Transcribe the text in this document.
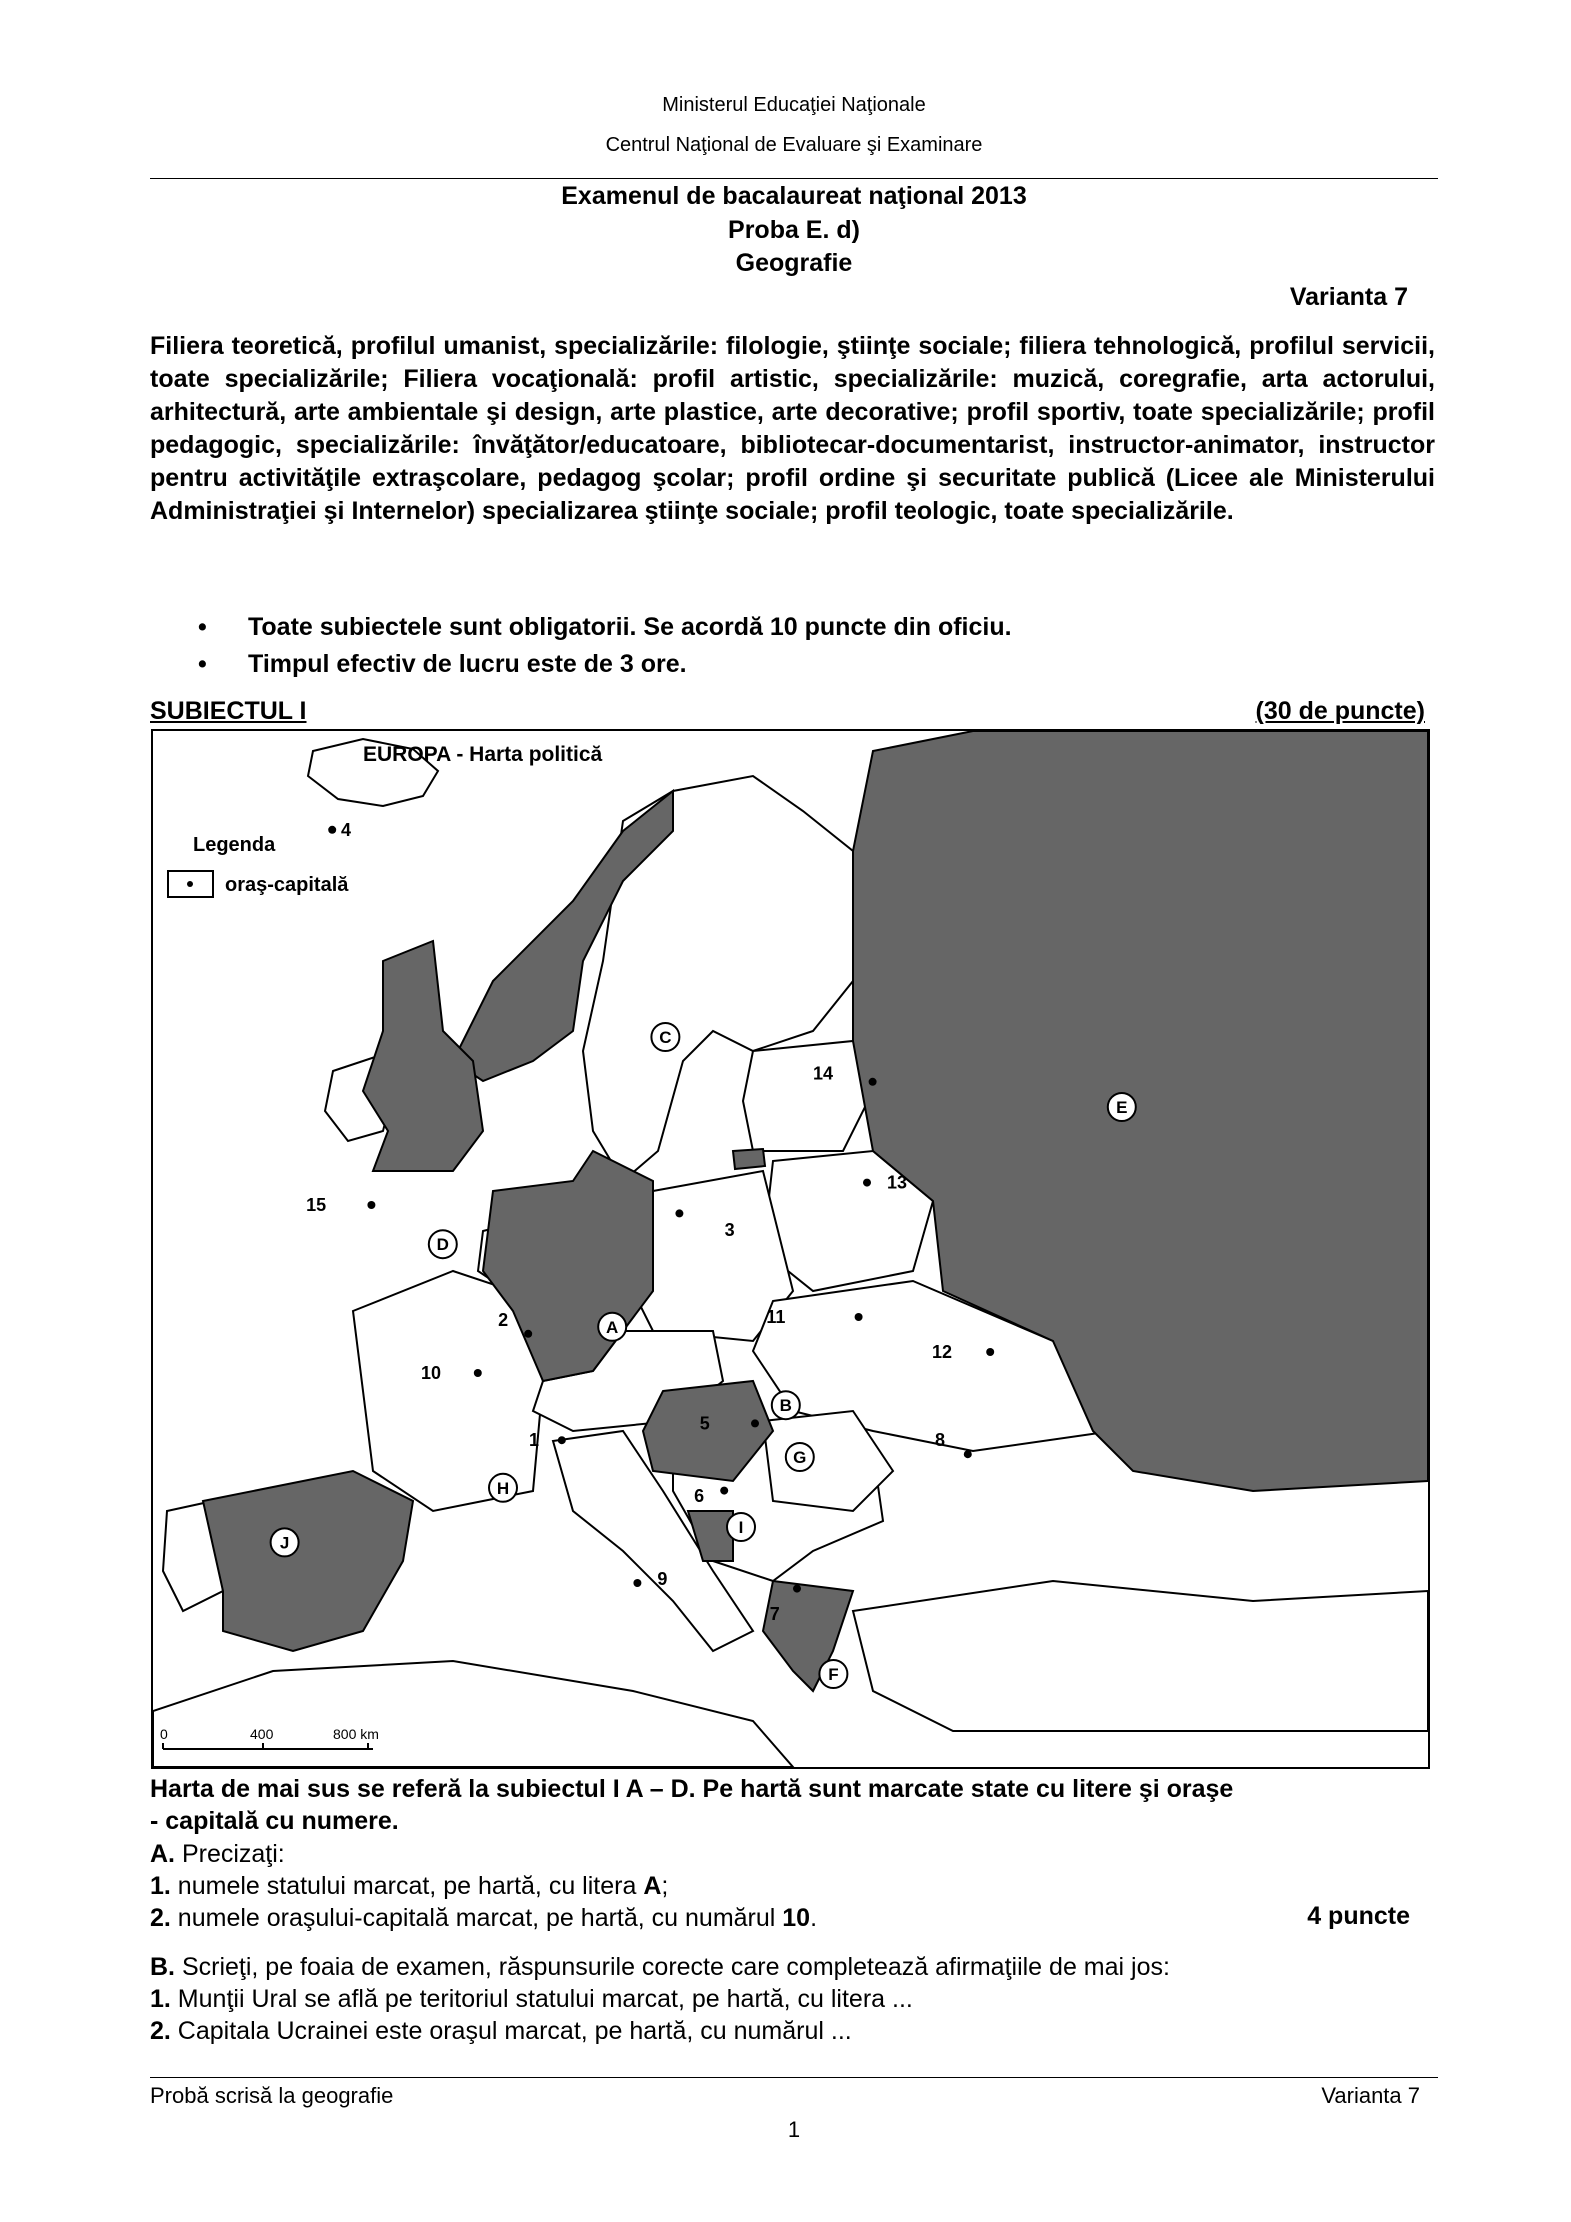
Ministerul Educaţiei Naţionale
Centrul Naţional de Evaluare şi Examinare
Examenul de bacalaureat naţional 2013
Proba E. d)
Geografie
Varianta 7
Filiera teoretică, profilul umanist, specializările: filologie, ştiinţe sociale; filiera tehnologică, profilul servicii, toate specializările; Filiera vocaţională: profil artistic, specializările: muzică, coregrafie, arta actorului, arhitectură, arte ambientale şi design, arte plastice, arte decorative; profil sportiv, toate specializările; profil pedagogic, specializările: învăţător/educatoare, bibliotecar-documentarist, instructor-animator, instructor pentru activităţile extraşcolare, pedagog şcolar; profil ordine şi securitate publică (Licee ale Ministerului Administraţiei şi Internelor) specializarea ştiinţe sociale; profil teologic, toate specializările.
• Toate subiectele sunt obligatorii. Se acordă 10 puncte din oficiu.
• Timpul efectiv de lucru este de 3 ore.
SUBIECTUL I	(30 de puncte)
EUROPA - Harta politică
Legenda
oraş-capitală
A
B
C
D
E
F
G
H
I
J
1
2
3
4
5
6
7
8
9
10
11
12
13
14
15
0	400	800 km
Harta de mai sus se referă la subiectul I A – D. Pe hartă sunt marcate state cu litere şi oraşe
- capitală cu numere.
A. Precizaţi:
1. numele statului marcat, pe hartă, cu litera A;
2. numele oraşului-capitală marcat, pe hartă, cu numărul 10.	4 puncte
B. Scrieţi, pe foaia de examen, răspunsurile corecte care completează afirmaţiile de mai jos:
1. Munţii Ural se află pe teritoriul statului marcat, pe hartă, cu litera ...
2. Capitala Ucrainei este oraşul marcat, pe hartă, cu numărul ...
Probă scrisă la geografie	Varianta 7
1
